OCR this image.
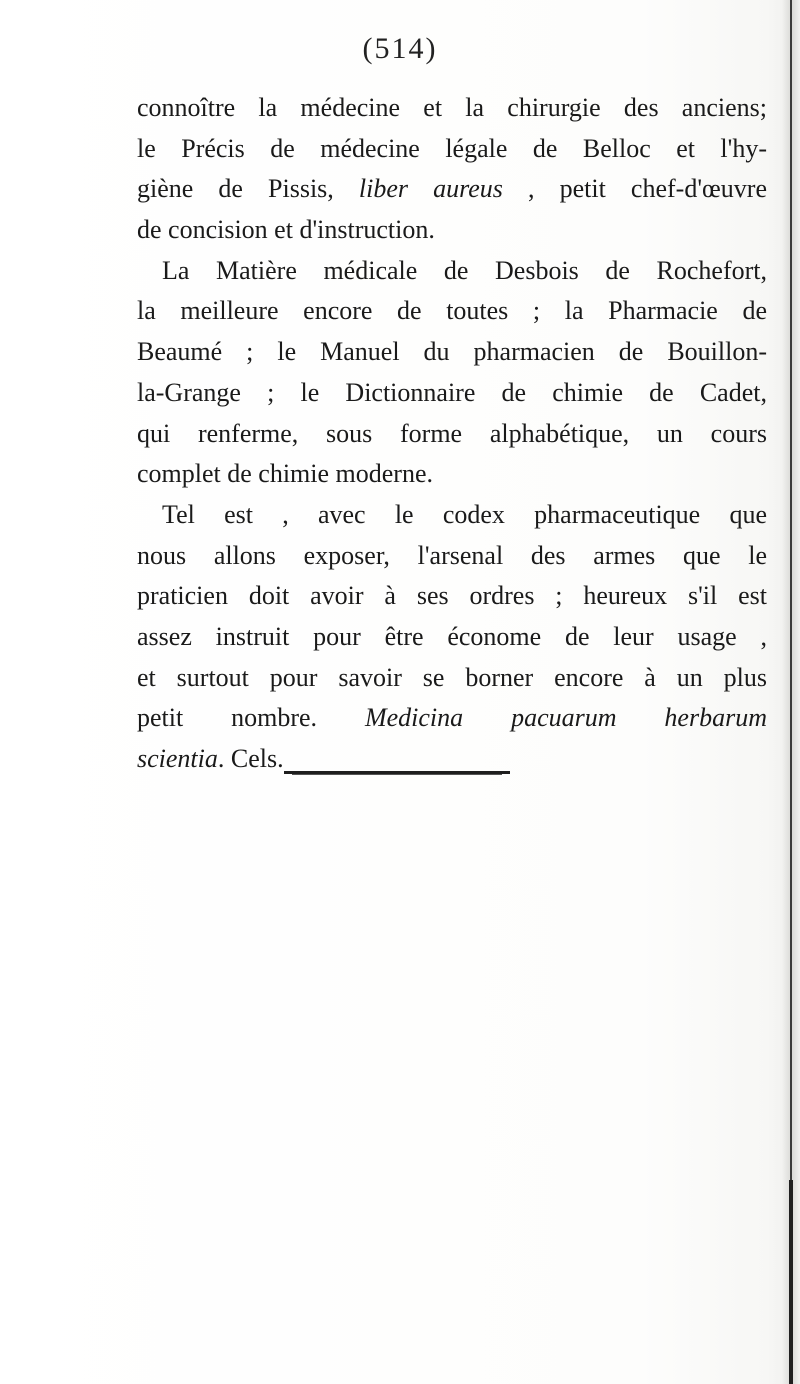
(514)
connoître la médecine et la chirurgie des anciens;
le Précis de médecine légale de Belloc et l'hy-
giène de Pissis, liber aureus , petit chef-d'œuvre
de concision et d'instruction.
La Matière médicale de Desbois de Rochefort,
la meilleure encore de toutes ; la Pharmacie de
Beaumé ; le Manuel du pharmacien de Bouillon-
la-Grange ; le Dictionnaire de chimie de Cadet,
qui renferme, sous forme alphabétique, un cours
complet de chimie moderne.
Tel est , avec le codex pharmaceutique que
nous allons exposer, l'arsenal des armes que le
praticien doit avoir à ses ordres ; heureux s'il est
assez instruit pour être économe de leur usage ,
et surtout pour savoir se borner encore à un plus
petit nombre. Medicina pacuarum herbarum
scientia. Cels.
